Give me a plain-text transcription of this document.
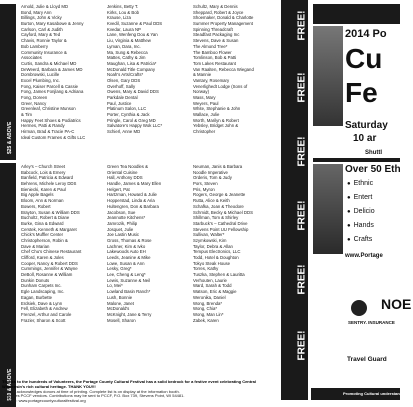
$25 & ABOVE
Arnold, Julie & Lloyd MD
Bond, Mary Ann
Billings, John & Vicky
Burton, Mary Kasabowe & Jenny
Carlson, Carl & Judith
Cayford, Mary & Ted
Chavis, Ronnie Taylor &
Bob Lamberry
Community Insurance &
Associates
Curtis, Sandra & Michael MD
DeWeerd, Barbara & James MD
Dombrowski, Lucille
Excel Plumbing, Inc.
Fong, Kaiser Parcell & Cassie
Fong, James Fonjlang & Adriana
Fong, Doreen
Greer, Nancy
Greenleaf, Christine Munson
& Tim
Happy Feet Shoes & Podiatrics
Hermes, Patti & Randy
Hirman, Brad & Tracie PA-C
Ideal Custom Frames & Gifts LLC
Jenkins, Betty T.
Kirks, Lou & Bob
Krause, Liza
Kvedil, Suzanne & Paul DDS
Kvedar, Laura NP
Lane, Wenfeng Dou & Yan
Liu, Virginia & Matthew
Lyman, Dara, Inc.
Ma, Sung & Rebecca
Mattes, Cathy & Jim
Maughan, Lisa & Patricia*
McDonald Title Company
Noah's Arts/Crafts*
Olsen, Gary DDS
Overhoff, Sally
Owens, Mary & David DDS
Parkdale Dental
Paul, Justice
Platinum Salon, LLC
Porter, Cynthia & Jack
Pringle, Carol & Greg MD
Salvatore's Happy Wok LLC*
Schierl, Anne MD
Schultz, Mary & Dennis
Sheppard, Robert & Joyce
Shoemaker, Donald & Charlotte
Summer Property Management
Spinning Threadcraft
Steadfast Packaging Inc
Stevens, Dave & Susan
The Almond Tree*
The Bamboo Flower
Tomlinson, Bob & Patti
Tom Lakes Restaurant
Van Raalten, Rebecca Wiegand
& Mannie
Vantary, Rosemary
Venerlighedt Lodge (Sons of
Norway)
Wass, Mary
Weyers, Paul
White, Stephanie & John
Wallace, Julie
Worth, Marilyn & Robert
Yebsley, Bridget John &
Christopher
$10 & ABOVE
Arley's – Church Street
Babcock, Lois & Emery
Banfield, Patricia & Edward
Behrens, Michele Leroy DDS
Bieniecki, Karen & Paul
Big Apple Bagels
Bloom, Ann & Norman
Bowers, Robert
Brayton, Susan & William DDS
Bucholtz, Robert & Diane
Burke, Gina & Edward
Cerstek, Kenneth & Margaret
Chick's Muffler Center
Christopherson, Robin &
Dave & Marian
Chef Chu's Chinese Restaurant
Clifford, Karen & Joles
Cooper, Nancy & Robert DDS
Cummings, Jennifer & Wayne
DeBoll, Rosanne & William
Dunkin Donuts
Dunham Carpets Inc.
Egle Landscaping, Inc.
Eagan, Burbette
Erdsiek, Dave & Lynn
Fell, Elizabeth & Andrew
Frenzel, Arthur and Carole
Frazier, Sharon & Scott
Green Tea Noodles &
Oriental Cuisine
Hall, Anthony DDS
Handle, James & Mary Ellen
Helgert, Pat
Hartzman, Howard & Julie
Hopperstad, Linda & Aria
Hultengren, Don & Barbara
Jacobson, Sue
Jeannotte Kitchens*
Jamrozik, Philip
Josquet, Julie
Joe Lastin Music
Gross, Thomas & Rose
Lachner, Kim & Ivko
Lakewoods Auto EH
Leeds, Jeanine & Mike
Lowe, Susan & Ann
Lesky, Greg*
Lee, Cheng & Leng*
Lewis, Suzanne & Neil
Lo, Mei*
Lowland Basin Ranch*
Lush, Bonnie
Malone, Janet
McDonald's
McKnight, Jane & Terry
Mosell, Sharon
Neuman, Janis & Barbara
Noodle Imperative
Orderis, Tom & Judy
Pors, Steven
Pris, Myron
Rogers, George & Jeanette
Rutta, Alice & Keith
Schafka, Joan & Theodore
Schmidt, Becky & Michael DDS
Shillman, Tom & Shirley
Starbuck's – Cathedral Drive
Stevens Point UU Fellowship
Sullivan, Walter*
Szymkowski, Kim
Taylor, Debra & Allan
Tempus Electronics, LLC
Todd, Hotel & Doughton
Tokyo Steak House
Torres, Kathy
Tuszka, Stephen & Lauritta
Verhouten, Laurie
Ward, Sarah & Todd
Watson, Eric & Maggie
Weronika, Daniel
Wong, Brenda*
Wong, Chia*
Wong, Man Lin*
Zabek, Karen

Thanks to the hundreds of Volunteers, the Portage County Cultural Festival has a solid bedrock for a festive event celebrating Central Wisconsin's rich cultural heritage. THANK YOU!!!

This list acknowledges donors at time of printing. Complete list is on display at the information booth.

* Denotes PCCF vendors. Contributions may be sent to PCCF, P.O. Box 739, Stevens Point, WI 54481.

Website: www.portagecountyculturalfestival.org

FREE!
FREE!
FREE!
FREE!
FREE!
FREE!
2014 Po
Cu
Fe
Saturday
10 ar
Shuttl
Over 50 Eth
● Ethnic
● Entert
● Delicio
● Hands
● Crafts
www.Portage
SENTRY. INSURANCE
NOE
Travel Guard
Promoting Cultural understanding in
